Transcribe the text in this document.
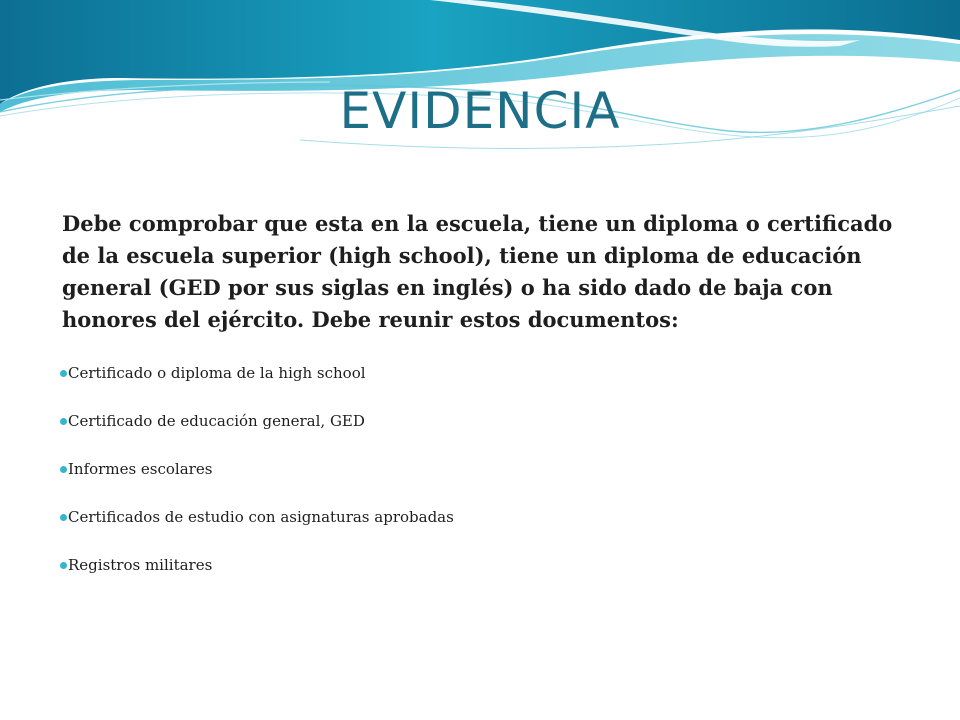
EVIDENCIA

Debe comprobar que esta en la escuela, tiene un diploma o certificado de la escuela superior (high school), tiene un diploma de educación general (GED por sus siglas en inglés) o ha sido dado de baja con honores del ejército. Debe reunir estos documentos:

Certificado o diploma de la high school
Certificado de educación general, GED
Informes escolares
Certificados de estudio con asignaturas aprobadas
Registros militares
